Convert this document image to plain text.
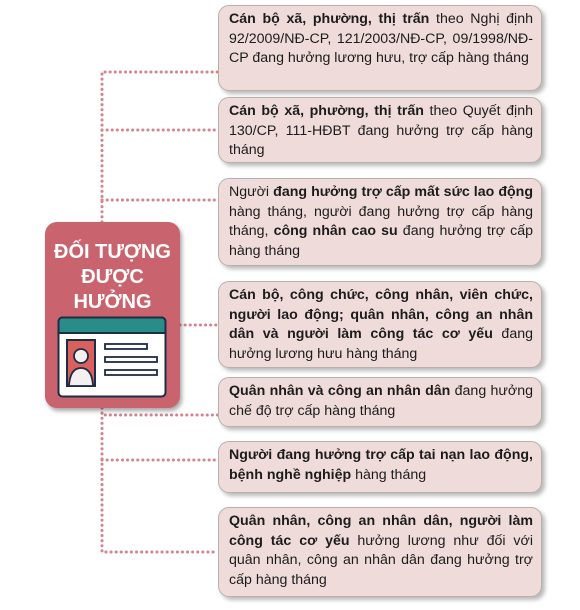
ĐỐI TƯỢNG
ĐƯỢC
HƯỞNG
Cán bộ xã, phường, thị trấn theo Nghị định 92/2009/NĐ-CP, 121/2003/NĐ-CP, 09/1998/NĐ-CP đang hưởng lương hưu, trợ cấp hàng tháng
Cán bộ xã, phường, thị trấn theo Quyết định 130/CP, 111-HĐBT đang hưởng trợ cấp hàng tháng
Người đang hưởng trợ cấp mất sức lao động hàng tháng, người đang hưởng trợ cấp hàng tháng, công nhân cao su đang hưởng trợ cấp hàng tháng
Cán bộ, công chức, công nhân, viên chức, người lao động; quân nhân, công an nhân dân và người làm công tác cơ yếu đang hưởng lương hưu hàng tháng
Quân nhân và công an nhân dân đang hưởng chế độ trợ cấp hàng tháng
Người đang hưởng trợ cấp tai nạn lao động, bệnh nghề nghiệp hàng tháng
Quân nhân, công an nhân dân, người làm công tác cơ yếu hưởng lương như đối với quân nhân, công an nhân dân đang hưởng trợ cấp hàng tháng
